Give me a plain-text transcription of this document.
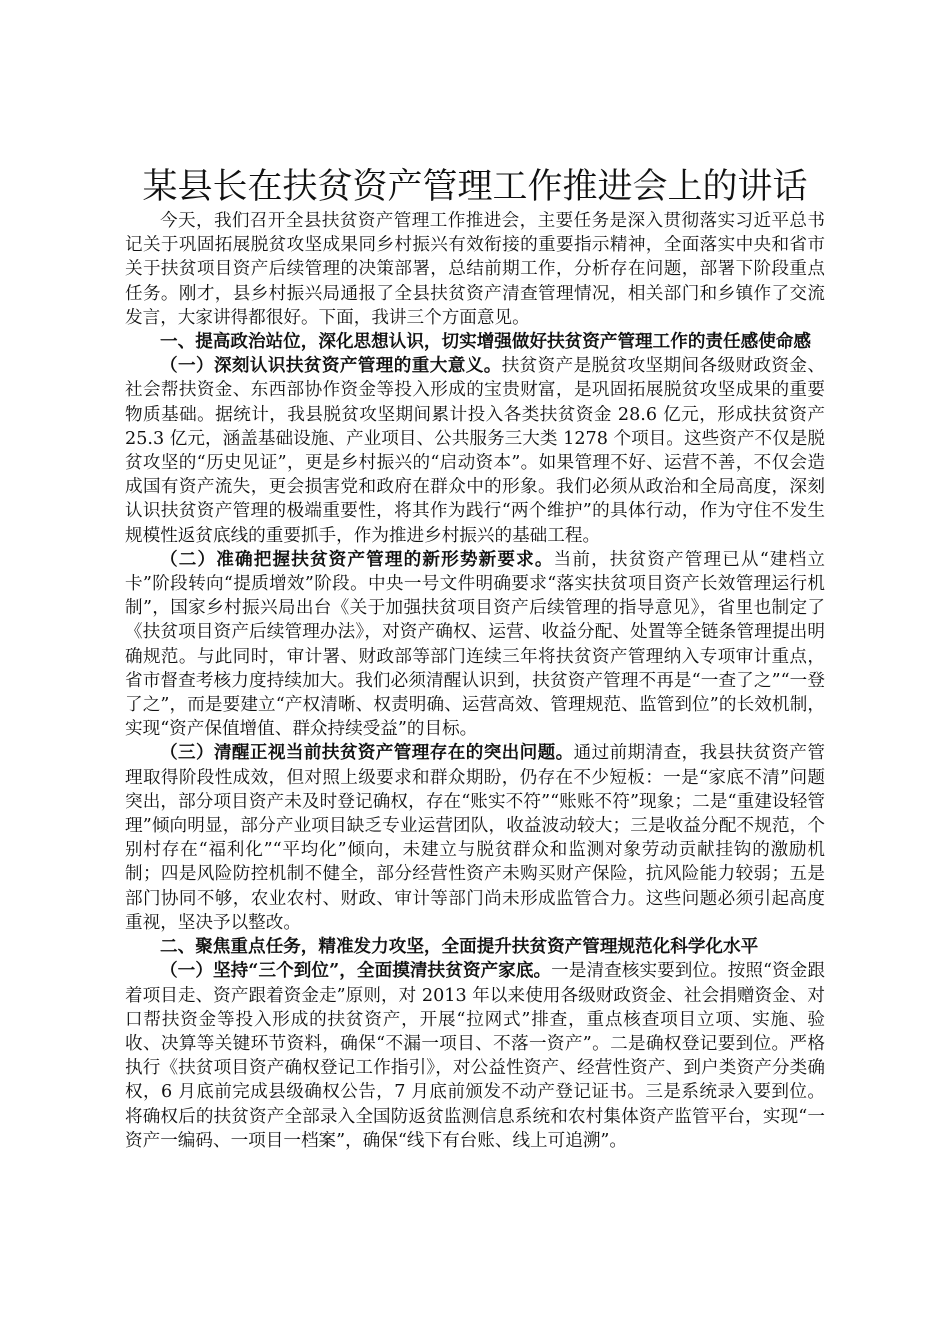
某县长在扶贫资产管理工作推进会上的讲话

今天，我们召开全县扶贫资产管理工作推进会，主要任务是深入贯彻落实习近平总书记关于巩固拓展脱贫攻坚成果同乡村振兴有效衔接的重要指示精神，全面落实中央和省市关于扶贫项目资产后续管理的决策部署，总结前期工作，分析存在问题，部署下阶段重点任务。刚才，县乡村振兴局通报了全县扶贫资产清查管理情况，相关部门和乡镇作了交流发言，大家讲得都很好。下面，我讲三个方面意见。

一、提高政治站位，深化思想认识，切实增强做好扶贫资产管理工作的责任感使命感

（一）深刻认识扶贫资产管理的重大意义。扶贫资产是脱贫攻坚期间各级财政资金、社会帮扶资金、东西部协作资金等投入形成的宝贵财富，是巩固拓展脱贫攻坚成果的重要物质基础。据统计，我县脱贫攻坚期间累计投入各类扶贫资金 28.6 亿元，形成扶贫资产 25.3 亿元，涵盖基础设施、产业项目、公共服务三大类 1278 个项目。这些资产不仅是脱贫攻坚的“历史见证”，更是乡村振兴的“启动资本”。如果管理不好、运营不善，不仅会造成国有资产流失，更会损害党和政府在群众中的形象。我们必须从政治和全局高度，深刻认识扶贫资产管理的极端重要性，将其作为践行“两个维护”的具体行动，作为守住不发生规模性返贫底线的重要抓手，作为推进乡村振兴的基础工程。

（二）准确把握扶贫资产管理的新形势新要求。当前，扶贫资产管理已从“建档立卡”阶段转向“提质增效”阶段。中央一号文件明确要求“落实扶贫项目资产长效管理运行机制”，国家乡村振兴局出台《关于加强扶贫项目资产后续管理的指导意见》，省里也制定了《扶贫项目资产后续管理办法》，对资产确权、运营、收益分配、处置等全链条管理提出明确规范。与此同时，审计署、财政部等部门连续三年将扶贫资产管理纳入专项审计重点，省市督查考核力度持续加大。我们必须清醒认识到，扶贫资产管理不再是“一查了之”“一登了之”，而是要建立“产权清晰、权责明确、运营高效、管理规范、监管到位”的长效机制，实现“资产保值增值、群众持续受益”的目标。

（三）清醒正视当前扶贫资产管理存在的突出问题。通过前期清查，我县扶贫资产管理取得阶段性成效，但对照上级要求和群众期盼，仍存在不少短板：一是“家底不清”问题突出，部分项目资产未及时登记确权，存在“账实不符”“账账不符”现象；二是“重建设轻管理”倾向明显，部分产业项目缺乏专业运营团队，收益波动较大；三是收益分配不规范，个别村存在“福利化”“平均化”倾向，未建立与脱贫群众和监测对象劳动贡献挂钩的激励机制；四是风险防控机制不健全，部分经营性资产未购买财产保险，抗风险能力较弱；五是部门协同不够，农业农村、财政、审计等部门尚未形成监管合力。这些问题必须引起高度重视，坚决予以整改。

二、聚焦重点任务，精准发力攻坚，全面提升扶贫资产管理规范化科学化水平

（一）坚持“三个到位”，全面摸清扶贫资产家底。一是清查核实要到位。按照“资金跟着项目走、资产跟着资金走”原则，对 2013 年以来使用各级财政资金、社会捐赠资金、对口帮扶资金等投入形成的扶贫资产，开展“拉网式”排查，重点核查项目立项、实施、验收、决算等关键环节资料，确保“不漏一项目、不落一资产”。二是确权登记要到位。严格执行《扶贫项目资产确权登记工作指引》，对公益性资产、经营性资产、到户类资产分类确权，6 月底前完成县级确权公告，7 月底前颁发不动产登记证书。三是系统录入要到位。将确权后的扶贫资产全部录入全国防返贫监测信息系统和农村集体资产监管平台，实现“一资产一编码、一项目一档案”，确保“线下有台账、线上可追溯”。
